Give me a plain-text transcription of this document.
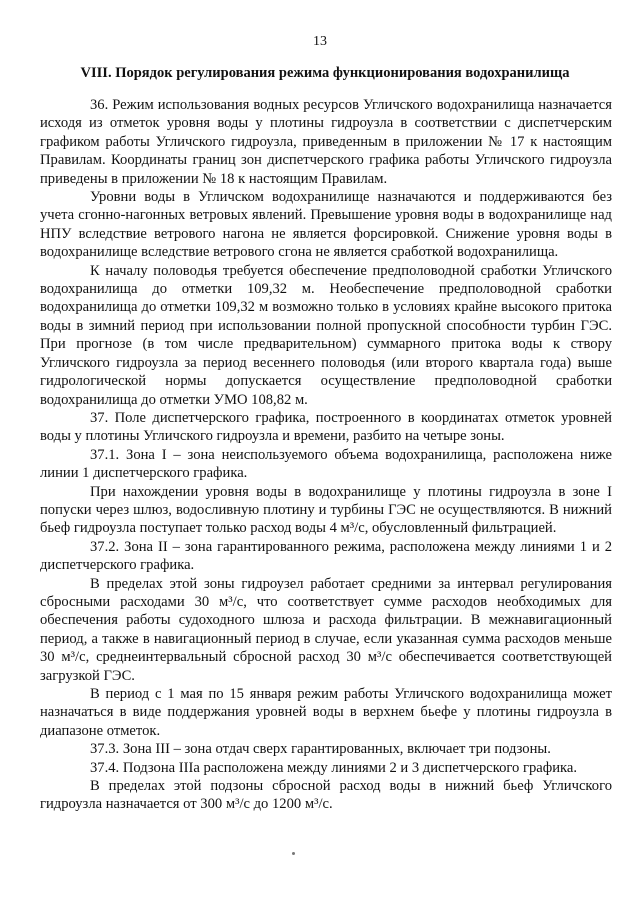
13
VIII. Порядок регулирования режима функционирования водохранилища

36. Режим использования водных ресурсов Угличского водохранилища назначается исходя из отметок уровня воды у плотины гидроузла в соответствии с диспетчерским графиком работы Угличского гидроузла, приведенным в приложении № 17 к настоящим Правилам. Координаты границ зон диспетчерского графика работы Угличского гидроузла приведены в приложении № 18 к настоящим Правилам.

Уровни воды в Угличском водохранилище назначаются и поддерживаются без учета сгонно-нагонных ветровых явлений. Превышение уровня воды в водохранилище над НПУ вследствие ветрового нагона не является форсировкой. Снижение уровня воды в водохранилище вследствие ветрового сгона не является сработкой водохранилища.

К началу половодья требуется обеспечение предполоводной сработки Угличского водохранилища до отметки 109,32 м. Необеспечение предполоводной сработки водохранилища до отметки 109,32 м возможно только в условиях крайне высокого притока воды в зимний период при использовании полной пропускной способности турбин ГЭС. При прогнозе (в том числе предварительном) суммарного притока воды к створу Угличского гидроузла за период весеннего половодья (или второго квартала года) выше гидрологической нормы допускается осуществление предполоводной сработки водохранилища до отметки УМО 108,82 м.

37. Поле диспетчерского графика, построенного в координатах отметок уровней воды у плотины Угличского гидроузла и времени, разбито на четыре зоны.

37.1. Зона I – зона неиспользуемого объема водохранилища, расположена ниже линии 1 диспетчерского графика.

При нахождении уровня воды в водохранилище у плотины гидроузла в зоне I попуски через шлюз, водосливную плотину и турбины ГЭС не осуществляются. В нижний бьеф гидроузла поступает только расход воды 4 м³/с, обусловленный фильтрацией.

37.2. Зона II – зона гарантированного режима, расположена между линиями 1 и 2 диспетчерского графика.

В пределах этой зоны гидроузел работает средними за интервал регулирования сбросными расходами 30 м³/с, что соответствует сумме расходов необходимых для обеспечения работы судоходного шлюза и расхода фильтрации. В межнавигационный период, а также в навигационный период в случае, если указанная сумма расходов меньше 30 м³/с, среднеинтервальный сбросной расход 30 м³/с обеспечивается соответствующей загрузкой ГЭС.

В период с 1 мая по 15 января режим работы Угличского водохранилища может назначаться в виде поддержания уровней воды в верхнем бьефе у плотины гидроузла в диапазоне отметок.

37.3. Зона III – зона отдач сверх гарантированных, включает три подзоны.

37.4. Подзона IIIа расположена между линиями 2 и 3 диспетчерского графика.

В пределах этой подзоны сбросной расход воды в нижний бьеф Угличского гидроузла назначается от 300 м³/с до 1200 м³/с.
